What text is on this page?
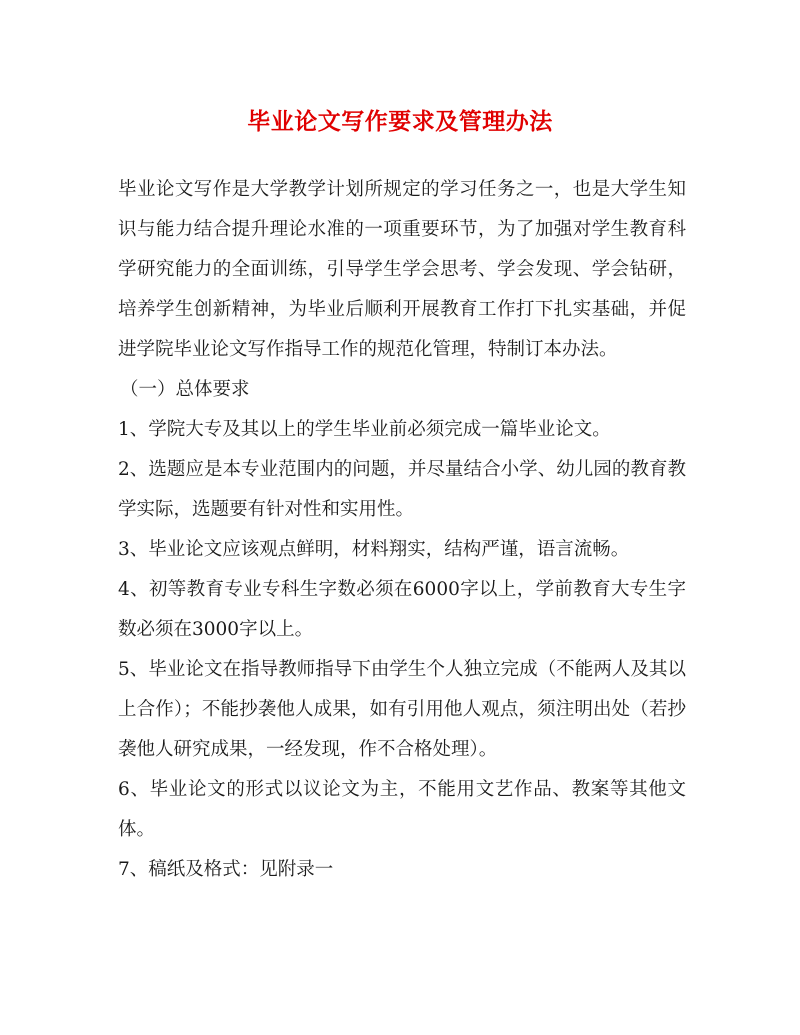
毕业论文写作要求及管理办法

毕业论文写作是大学教学计划所规定的学习任务之一，也是大学生知识与能力结合提升理论水准的一项重要环节，为了加强对学生教育科学研究能力的全面训练，引导学生学会思考、学会发现、学会钻研，培养学生创新精神，为毕业后顺利开展教育工作打下扎实基础，并促进学院毕业论文写作指导工作的规范化管理，特制订本办法。

（一）总体要求

1、学院大专及其以上的学生毕业前必须完成一篇毕业论文。

2、选题应是本专业范围内的问题，并尽量结合小学、幼儿园的教育教学实际，选题要有针对性和实用性。

3、毕业论文应该观点鲜明，材料翔实，结构严谨，语言流畅。

4、初等教育专业专科生字数必须在6000字以上，学前教育大专生字数必须在3000字以上。

5、毕业论文在指导教师指导下由学生个人独立完成（不能两人及其以上合作）；不能抄袭他人成果，如有引用他人观点，须注明出处（若抄袭他人研究成果，一经发现，作不合格处理）。

6、毕业论文的形式以议论文为主，不能用文艺作品、教案等其他文体。

7、稿纸及格式：见附录一
